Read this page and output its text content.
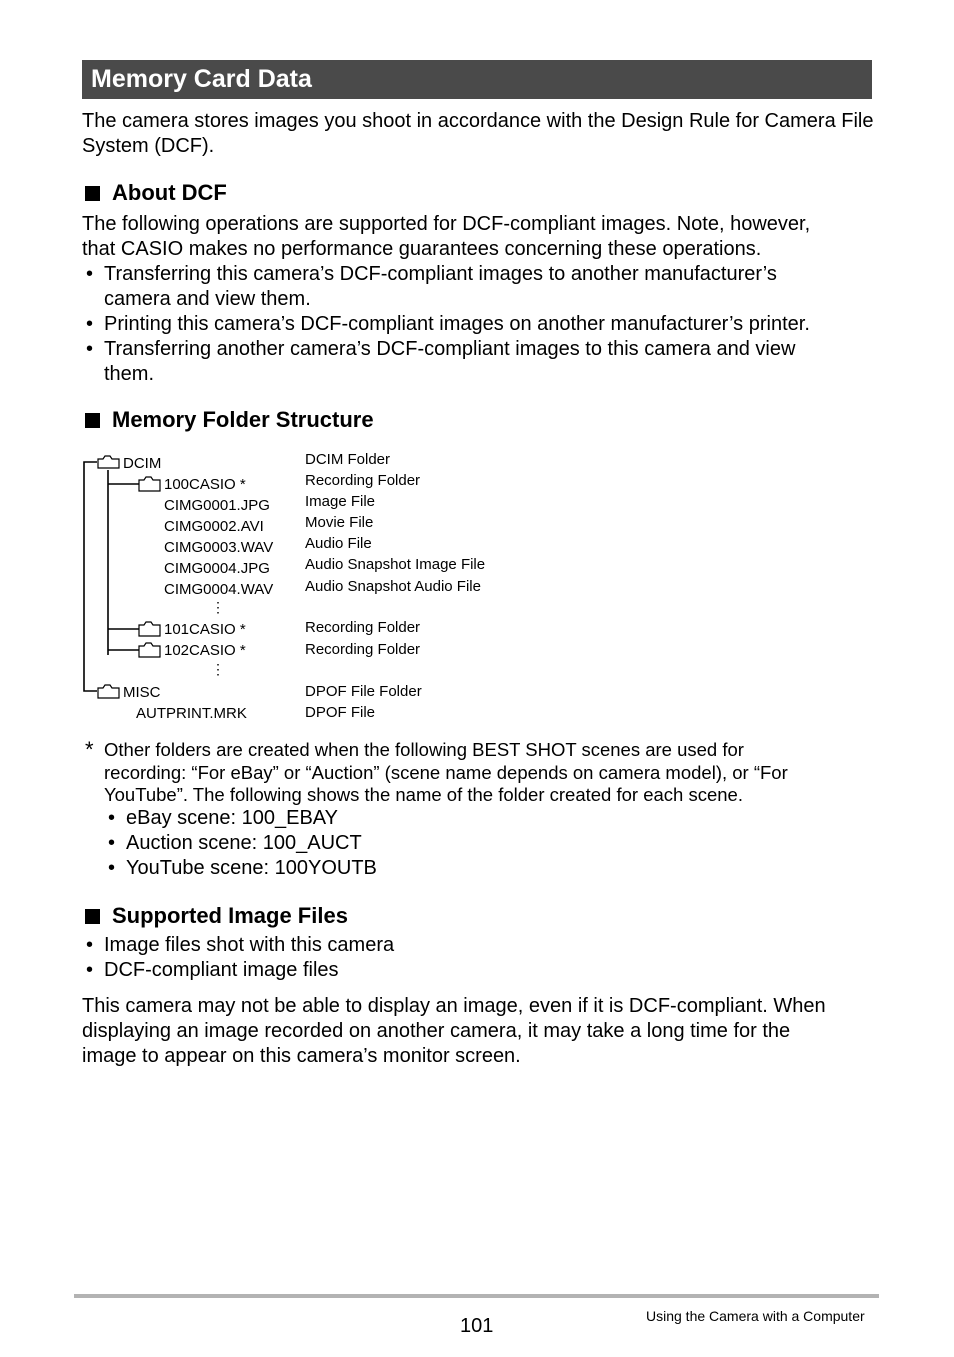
Memory Card Data
The camera stores images you shoot in accordance with the Design Rule for Camera File System (DCF).
About DCF
The following operations are supported for DCF-compliant images. Note, however,
that CASIO makes no performance guarantees concerning these operations.
• Transferring this camera’s DCF-compliant images to another manufacturer’s
camera and view them.
• Printing this camera’s DCF-compliant images on another manufacturer’s printer.
• Transferring another camera’s DCF-compliant images to this camera and view
them.
Memory Folder Structure
DCIM
100CASIO *
CIMG0001.JPG
CIMG0002.AVI
CIMG0003.WAV
CIMG0004.JPG
CIMG0004.WAV
⋮
101CASIO *
102CASIO *
⋮
MISC
AUTPRINT.MRK
DCIM Folder
Recording Folder
Image File
Movie File
Audio File
Audio Snapshot Image File
Audio Snapshot Audio File
Recording Folder
Recording Folder
DPOF File Folder
DPOF File
* Other folders are created when the following BEST SHOT scenes are used for
recording: “For eBay” or “Auction” (scene name depends on camera model), or “For
YouTube”. The following shows the name of the folder created for each scene.
• eBay scene: 100_EBAY
• Auction scene: 100_AUCT
• YouTube scene: 100YOUTB
Supported Image Files
• Image files shot with this camera
• DCF-compliant image files
This camera may not be able to display an image, even if it is DCF-compliant. When
displaying an image recorded on another camera, it may take a long time for the
image to appear on this camera’s monitor screen.
101	Using the Camera with a Computer
